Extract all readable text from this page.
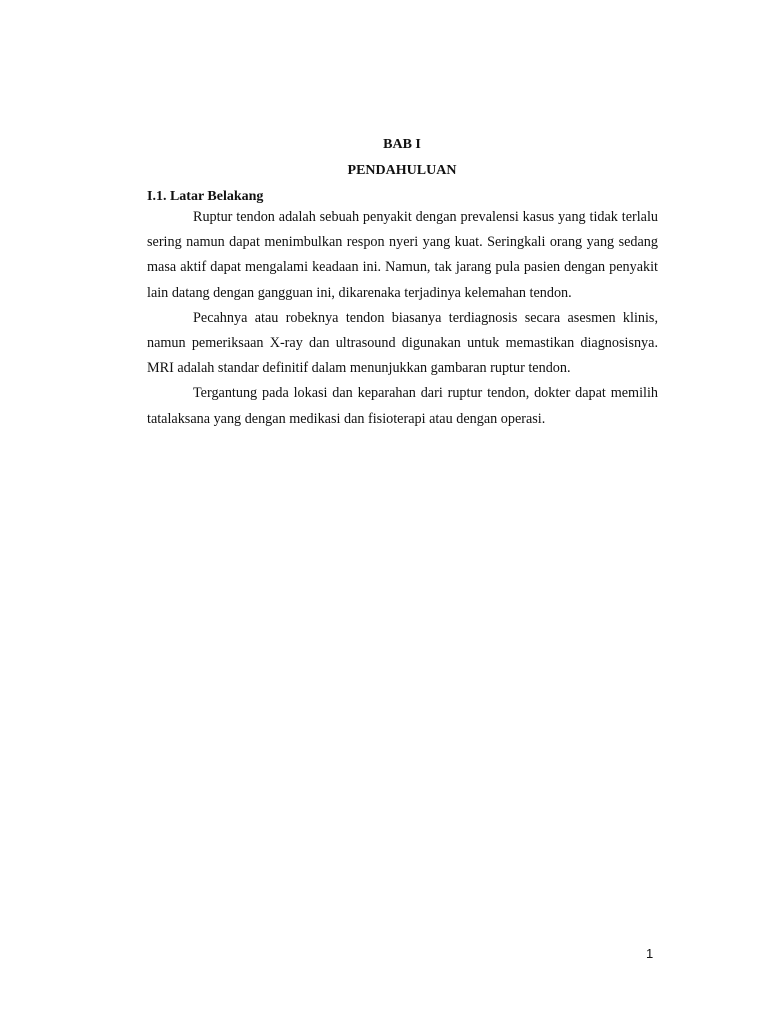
BAB I
PENDAHULUAN
I.1. Latar Belakang

Ruptur tendon adalah sebuah penyakit dengan prevalensi kasus yang tidak terlalu sering namun dapat menimbulkan respon nyeri yang kuat. Seringkali orang yang sedang masa aktif dapat mengalami keadaan ini. Namun, tak jarang pula pasien dengan penyakit lain datang dengan gangguan ini, dikarenaka terjadinya kelemahan tendon.

Pecahnya atau robeknya tendon biasanya terdiagnosis secara asesmen klinis, namun pemeriksaan X-ray dan ultrasound digunakan untuk memastikan diagnosisnya. MRI adalah standar definitif dalam menunjukkan gambaran ruptur tendon.

Tergantung pada lokasi dan keparahan dari ruptur tendon, dokter dapat memilih tatalaksana yang dengan medikasi dan fisioterapi atau dengan operasi.

1
